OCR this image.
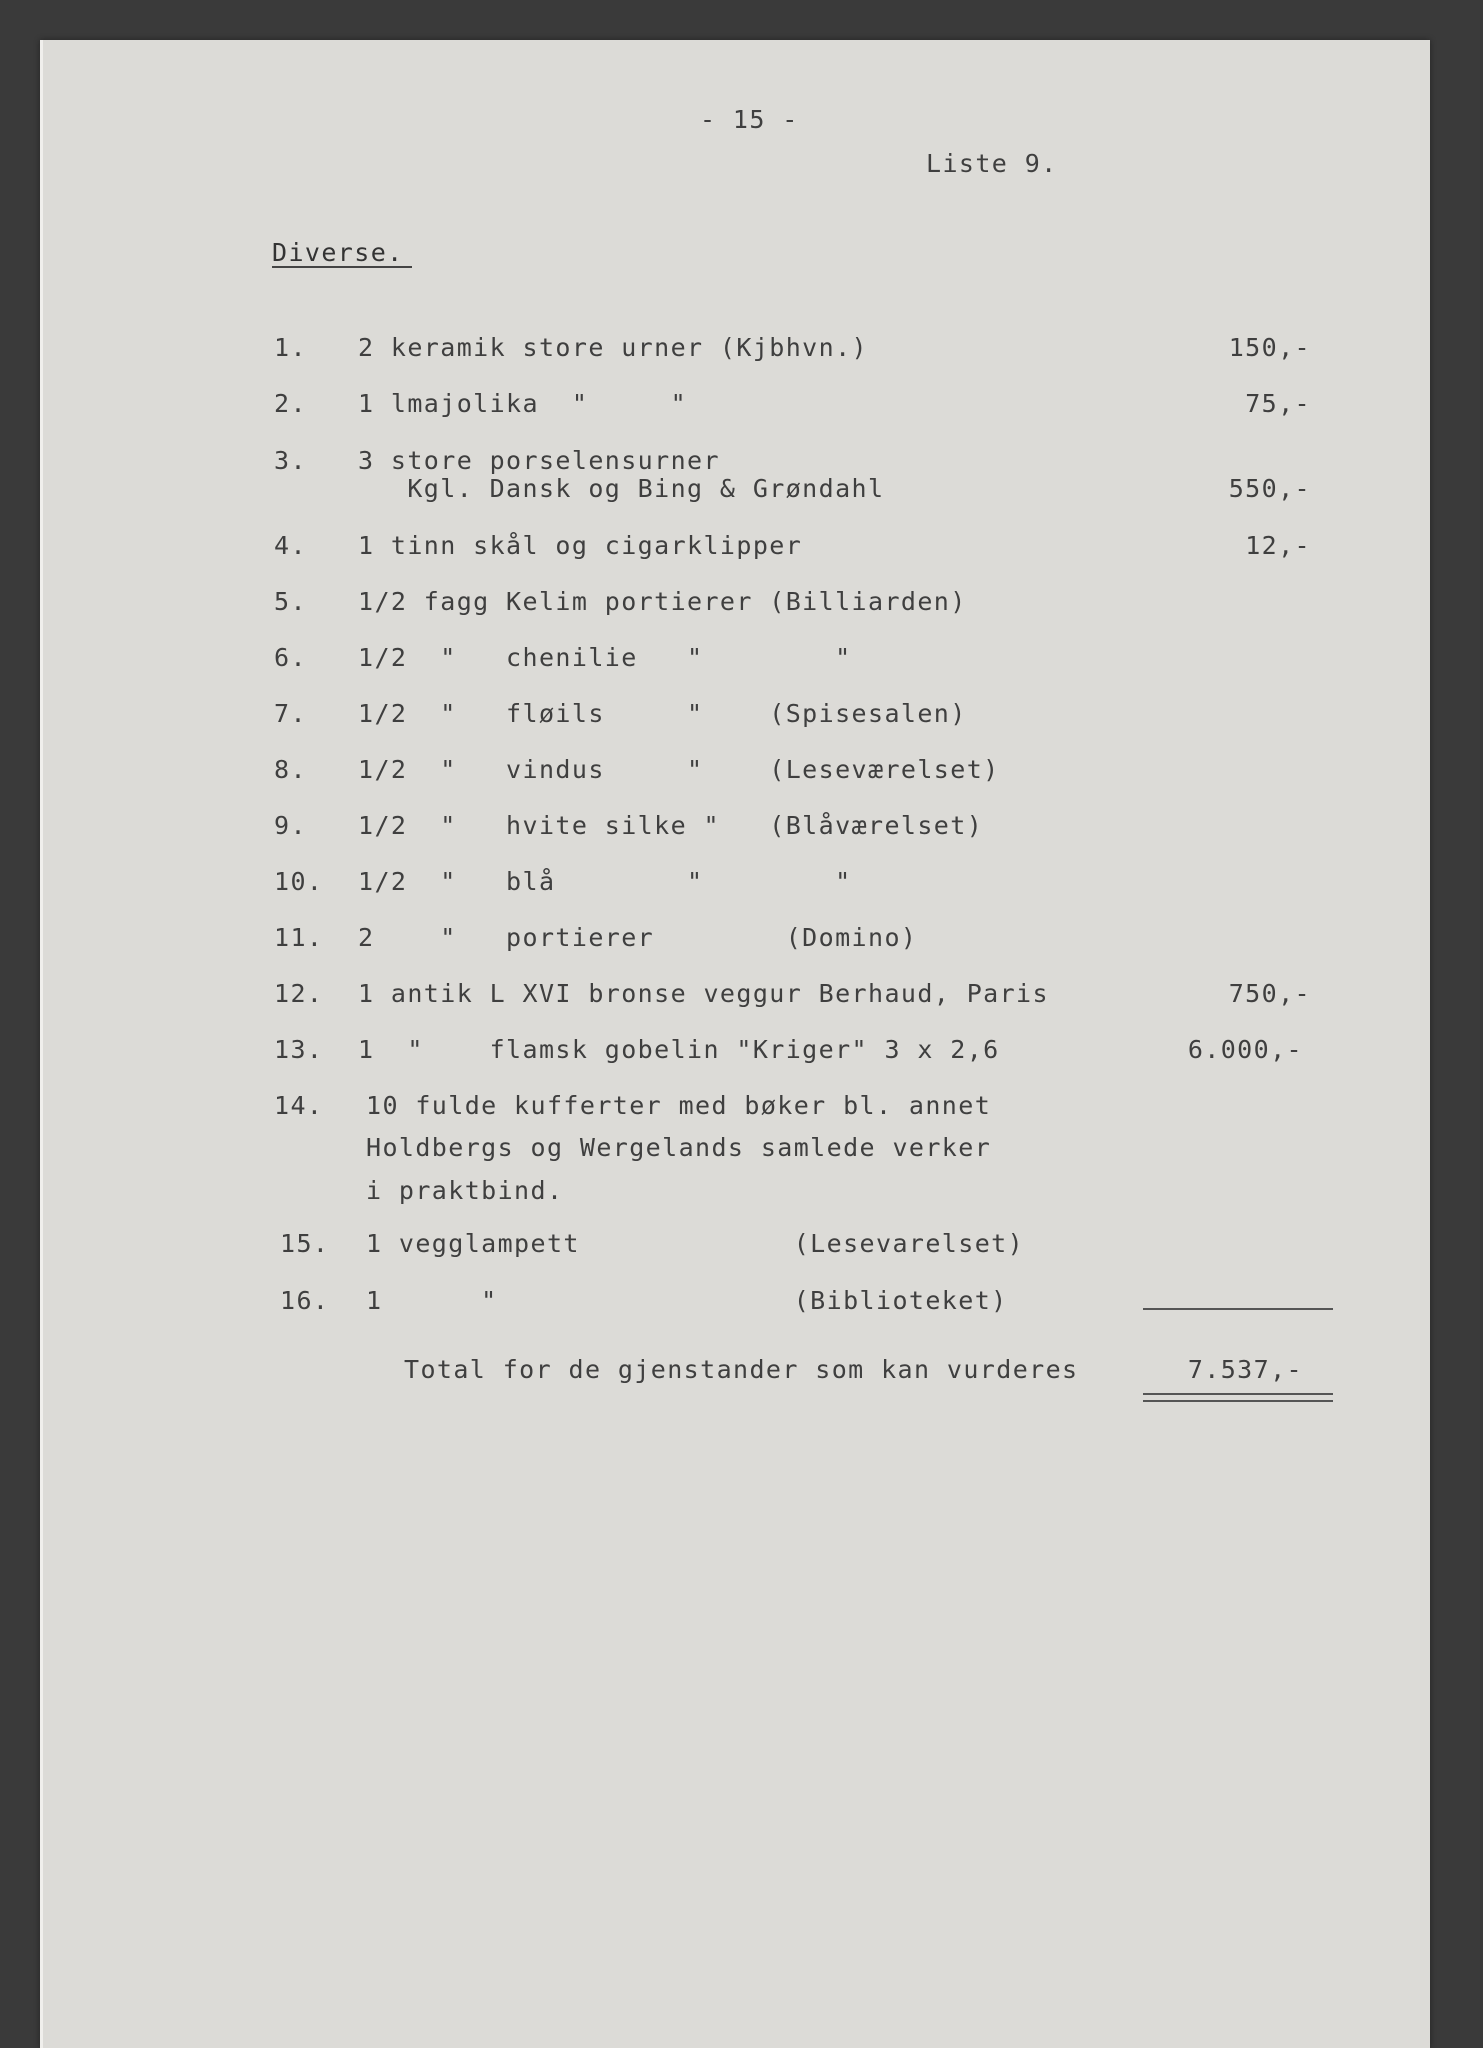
- 15 -
Liste 9.
Diverse.
1. 2 keramik store urner (Kjbhvn.)	150,-
2. 1 lmajolika  "     "	75,-
3. 3 store porselensurner
Kgl. Dansk og Bing & Grøndahl	550,-
4. 1 tinn skål og cigarklipper	12,-
5. 1/2 fagg Kelim portierer (Billiarden)
6. 1/2  "   chenilie   "        "
7. 1/2  "   fløils     "    (Spisesalen)
8. 1/2  "   vindus     "    (Leseværelset)
9. 1/2  "   hvite silke "   (Blåværelset)
10. 1/2  "   blå        "        "
11. 2    "   portierer        (Domino)
12. 1 antik L XVI bronse veggur Berhaud, Paris	750,-
13. 1  "    flamsk gobelin "Kriger" 3 x 2,6	6.000,-
14. 10 fulde kufferter med bøker bl. annet
Holdbergs og Wergelands samlede verker
i praktbind.
15. 1 vegglampett             (Lesevarelset)
16. 1      "                  (Biblioteket)
Total for de gjenstander som kan vurderes	7.537,-
